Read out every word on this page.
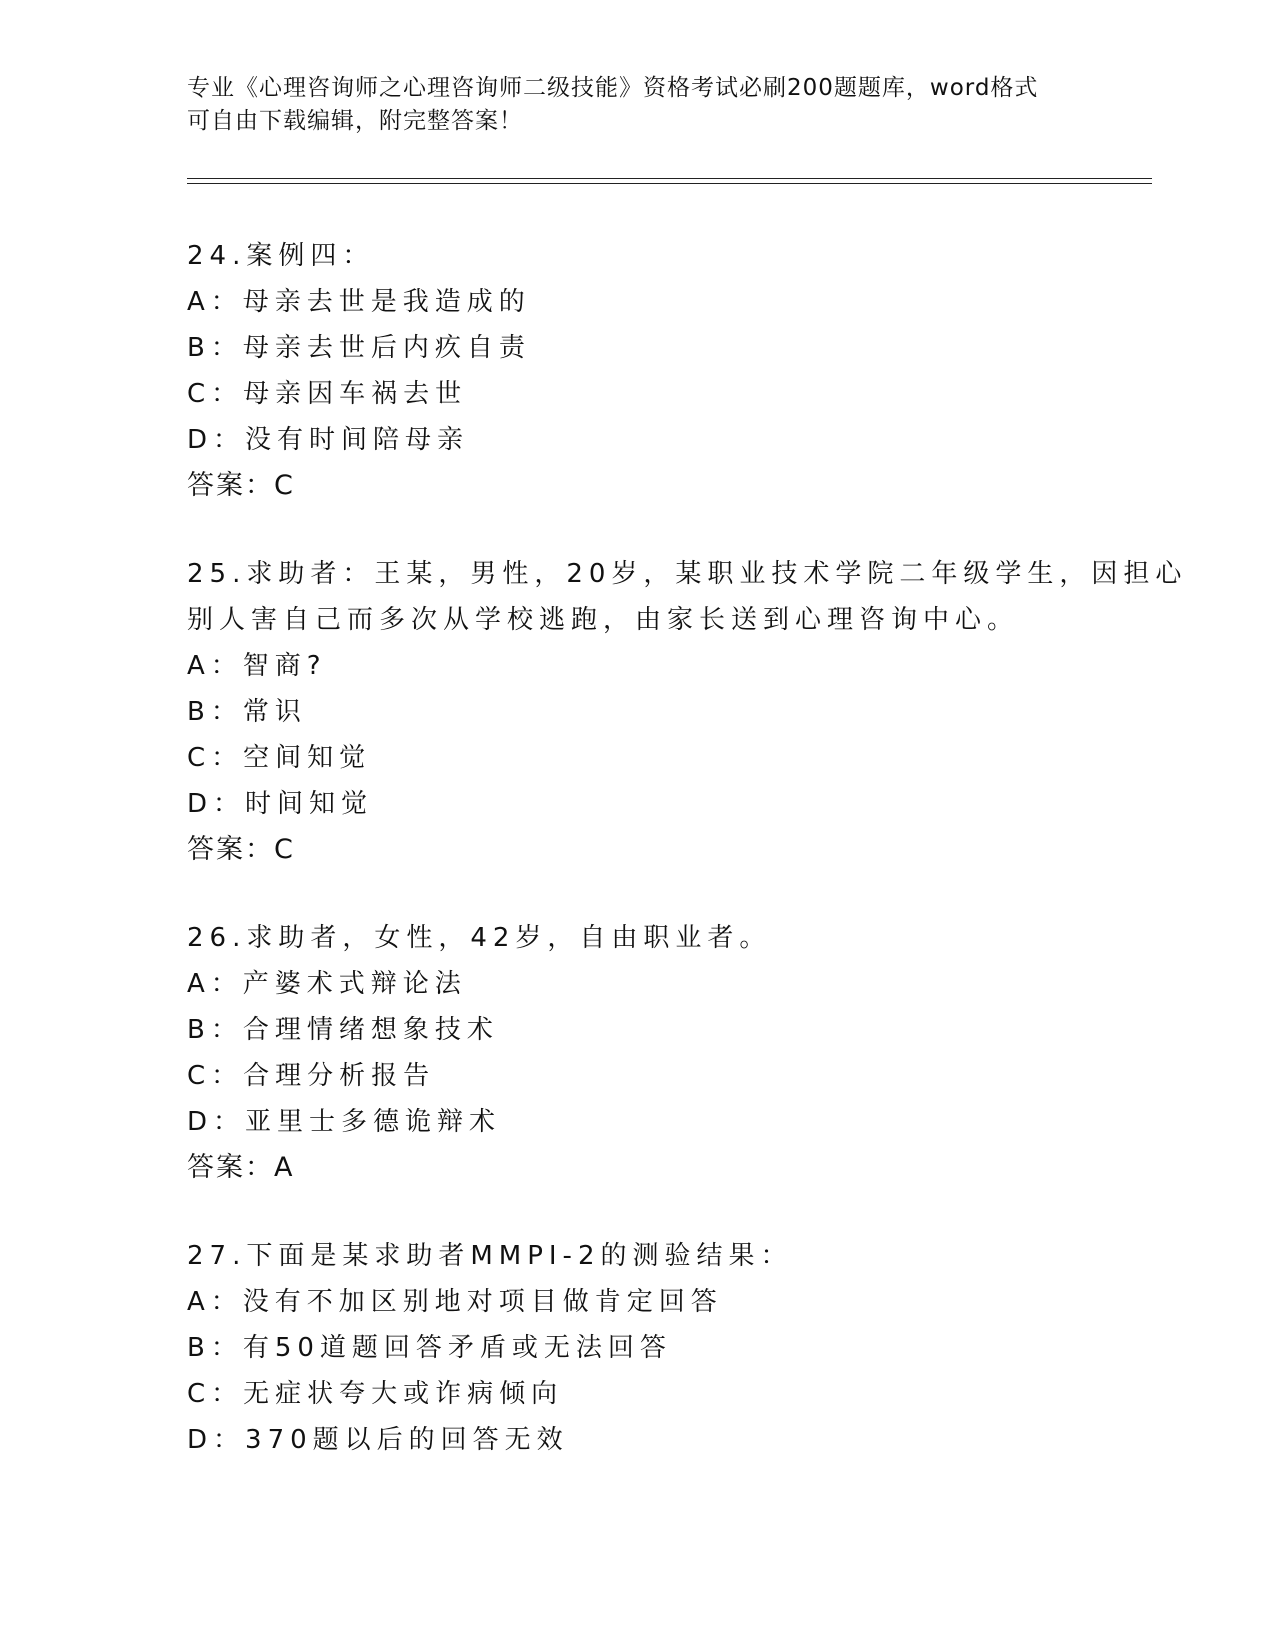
专业《心理咨询师之心理咨询师二级技能》资格考试必刷200题题库，word格式
可自由下载编辑，附完整答案！
24.案例四：
A：母亲去世是我造成的
B：母亲去世后内疚自责
C：母亲因车祸去世
D：没有时间陪母亲
答案：C
25.求助者：王某，男性，20岁，某职业技术学院二年级学生，因担心
别人害自己而多次从学校逃跑，由家长送到心理咨询中心。
A：智商?
B：常识
C：空间知觉
D：时间知觉
答案：C
26.求助者，女性，42岁，自由职业者。
A：产婆术式辩论法
B：合理情绪想象技术
C：合理分析报告
D：亚里士多德诡辩术
答案：A
27.下面是某求助者MMPI-2的测验结果：
A：没有不加区别地对项目做肯定回答
B：有50道题回答矛盾或无法回答
C：无症状夸大或诈病倾向
D：370题以后的回答无效
